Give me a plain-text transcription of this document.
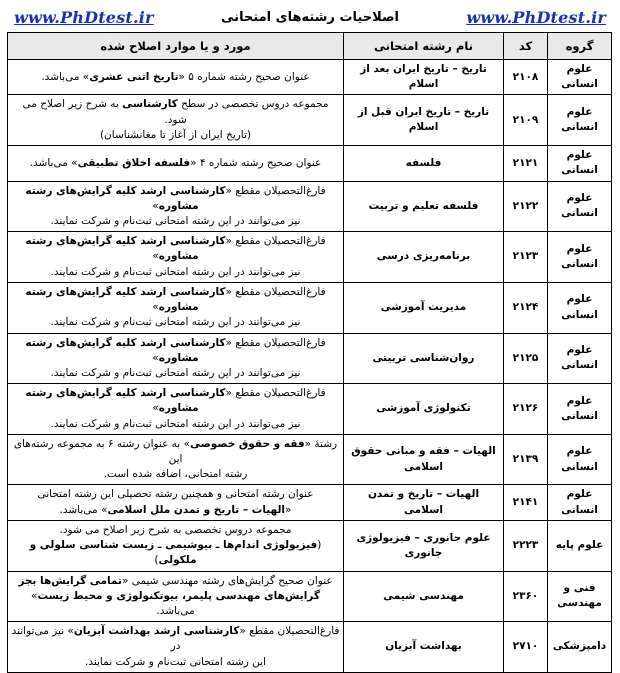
www.PhDtest.ir
اصلاحیات رشته‌های امتحانی
www.PhDtest.ir
گروه	کد	نام رشته امتحانی	مورد و یا موارد اصلاح شده
علوم انسانی	۲۱۰۸	تاریخ – تاریخ ایران بعد از اسلام	عنوان صحیح رشته شماره ۵ «تاریخ اثنی عشری» می‌باشد.

علوم انسانی	۲۱۰۹	تاریخ – تاریخ ایران قبل از اسلام	مجموعه دروس تخصصی در سطح کارشناسی به شرح زیر اصلاح می شود.
(تاریخ ایران از آغاز تا مغانشناسان)

علوم انسانی	۲۱۲۱	فلسفه	عنوان صحیح رشته شماره ۴ «فلسفه اخلاق تطبیقی» می‌باشد.

علوم انسانی	۲۱۲۲	فلسفه تعلیم و تربیت	فارغ‌التحصیلان مقطع «کارشناسی ارشد کلیه گرایش‌های رشته مشاوره»
نیز می‌توانند در این رشته امتحانی ثبت‌نام و شرکت نمایند.

علوم انسانی	۲۱۲۳	برنامه‌ریزی درسی	فارغ‌التحصیلان مقطع «کارشناسی ارشد کلیه گرایش‌های رشته مشاوره»
نیز می‌توانند در این رشته امتحانی ثبت‌نام و شرکت نمایند.

علوم انسانی	۲۱۲۴	مدیریت آموزشی	فارغ‌التحصیلان مقطع «کارشناسی ارشد کلیه گرایش‌های رشته مشاوره»
نیز می‌توانند در این رشته امتحانی ثبت‌نام و شرکت نمایند.

علوم انسانی	۲۱۲۵	روان‌شناسی تربیتی	فارغ‌التحصیلان مقطع «کارشناسی ارشد کلیه گرایش‌های رشته مشاوره»
نیز می‌توانند در این رشته امتحانی ثبت‌نام و شرکت نمایند.

علوم انسانی	۲۱۲۶	تکنولوژی آموزشی	فارغ‌التحصیلان مقطع «کارشناسی ارشد کلیه گرایش‌های رشته مشاوره»
نیز می‌توانند در این رشته امتحانی ثبت‌نام و شرکت نمایند.

علوم انسانی	۲۱۳۹	الهیات – فقه و مبانی حقوق اسلامی	رشتهٔ «فقه و حقوق خصوصی» به عنوان رشته ۶ به مجموعه رشته‌های این
رشته امتحانی، اضافه شده است.

علوم انسانی	۲۱۴۱	الهیات – تاریخ و تمدن اسلامی	عنوان رشته امتحانی و همچنین رشته تحصیلی این رشته امتحانی
«الهیات – تاریخ و تمدن ملل اسلامی» می‌باشد.

علوم پایه	۲۲۲۳	علوم جانوری – فیزیولوژی جانوری	مجموعه دروس تخصصی به شرح زیر اصلاح می شود.
(فیزیولوژی اندام‌ها ـ بیوشیمی ـ زیست شناسی سلولی و ملکولی)

فنی و مهندسی	۲۳۶۰	مهندسی شیمی	عنوان صحیح گرایش‌های رشته مهندسی شیمی «تمامی گرایش‌ها بجز
گرایش‌های مهندسی پلیمر، بیوتکنولوژی و محیط زیست» می‌باشد.

دامپزشکی	۲۷۱۰	بهداشت آبزیان	فارغ‌التحصیلان مقطع «کارشناسی ارشد بهداشت آبزیان» نیز می‌توانند در
این رشته امتحانی ثبت‌نام و شرکت نمایند.
